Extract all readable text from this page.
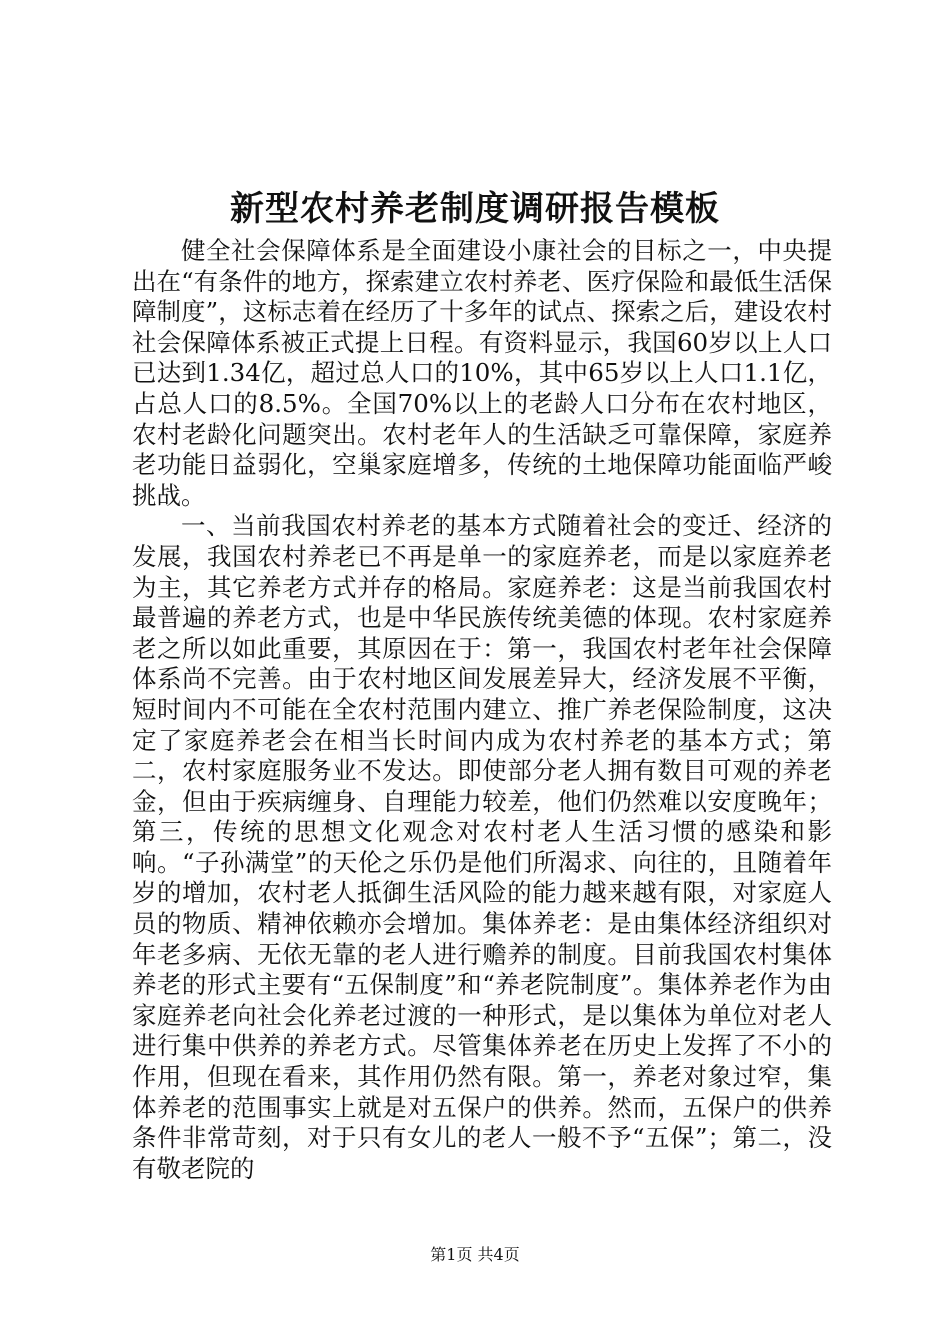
新型农村养老制度调研报告模板

健全社会保障体系是全面建设小康社会的目标之一，中央提出在“有条件的地方，探索建立农村养老、医疗保险和最低生活保障制度”，这标志着在经历了十多年的试点、探索之后，建设农村社会保障体系被正式提上日程。有资料显示，我国60岁以上人口已达到1.34亿，超过总人口的10%，其中65岁以上人口1.1亿，占总人口的8.5%。全国70%以上的老龄人口分布在农村地区，农村老龄化问题突出。农村老年人的生活缺乏可靠保障，家庭养老功能日益弱化，空巢家庭增多，传统的土地保障功能面临严峻挑战。

一、当前我国农村养老的基本方式随着社会的变迁、经济的发展，我国农村养老已不再是单一的家庭养老，而是以家庭养老为主，其它养老方式并存的格局。家庭养老：这是当前我国农村最普遍的养老方式，也是中华民族传统美德的体现。农村家庭养老之所以如此重要，其原因在于：第一，我国农村老年社会保障体系尚不完善。由于农村地区间发展差异大，经济发展不平衡，短时间内不可能在全农村范围内建立、推广养老保险制度，这决定了家庭养老会在相当长时间内成为农村养老的基本方式；第二，农村家庭服务业不发达。即使部分老人拥有数目可观的养老金，但由于疾病缠身、自理能力较差，他们仍然难以安度晚年；第三，传统的思想文化观念对农村老人生活习惯的感染和影响。“子孙满堂”的天伦之乐仍是他们所渴求、向往的，且随着年岁的增加，农村老人抵御生活风险的能力越来越有限，对家庭人员的物质、精神依赖亦会增加。集体养老：是由集体经济组织对年老多病、无依无靠的老人进行赡养的制度。目前我国农村集体养老的形式主要有“五保制度”和“养老院制度”。集体养老作为由家庭养老向社会化养老过渡的一种形式，是以集体为单位对老人进行集中供养的养老方式。尽管集体养老在历史上发挥了不小的作用，但现在看来，其作用仍然有限。第一，养老对象过窄，集体养老的范围事实上就是对五保户的供养。然而，五保户的供养条件非常苛刻，对于只有女儿的老人一般不予“五保”；第二，没有敬老院的

第1页 共4页
